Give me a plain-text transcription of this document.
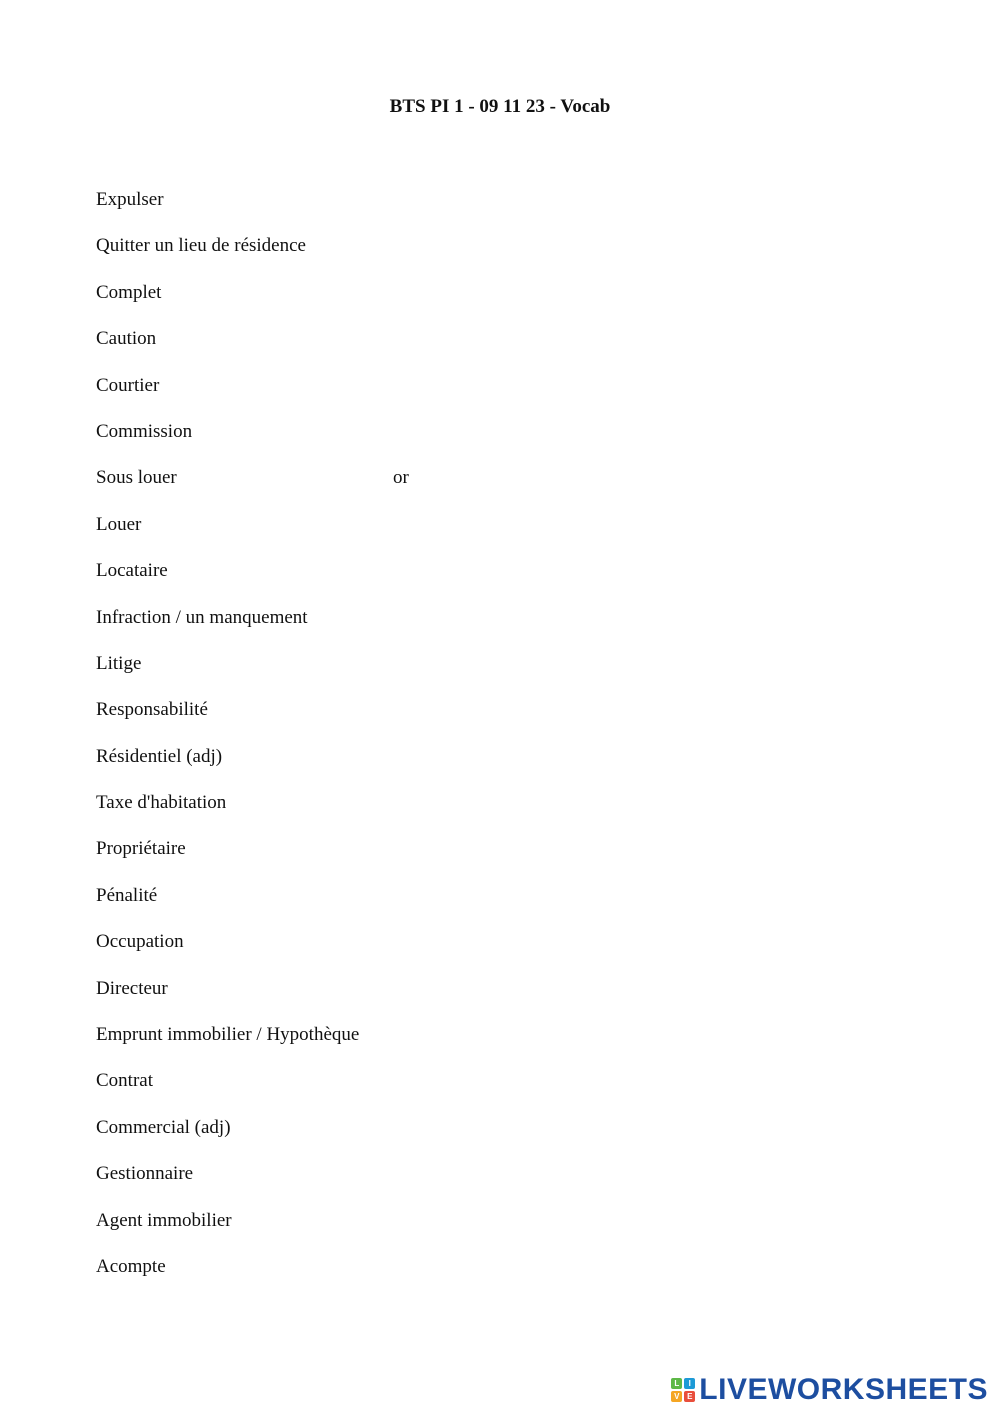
BTS PI 1 - 09 11 23 - Vocab
Expulser
Quitter un lieu de résidence
Complet
Caution
Courtier
Commission
Sous louer	or
Louer
Locataire
Infraction / un manquement
Litige
Responsabilité
Résidentiel (adj)
Taxe d'habitation
Propriétaire
Pénalité
Occupation
Directeur
Emprunt immobilier / Hypothèque
Contrat
Commercial (adj)
Gestionnaire
Agent immobilier
Acompte
L	I
V E LIVEWORKSHEETS
